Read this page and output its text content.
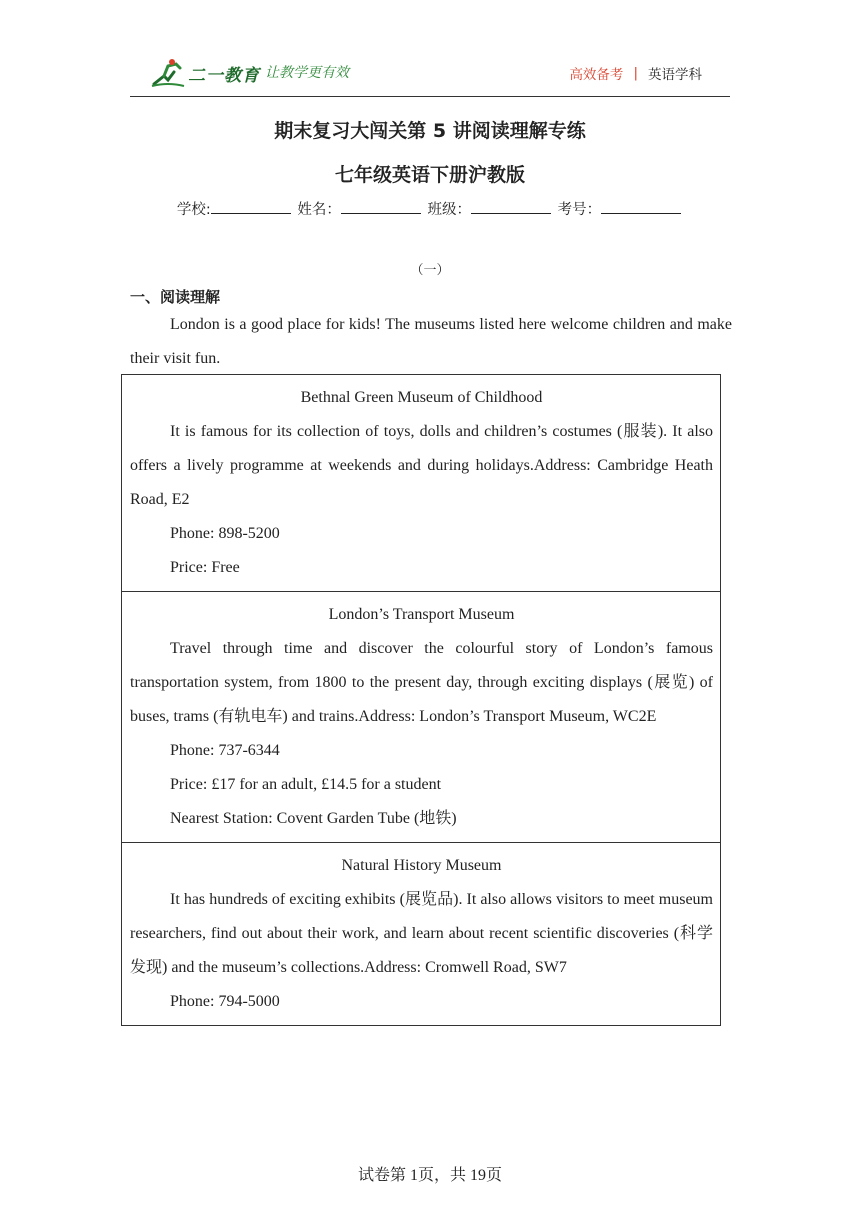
二一教育 让教学更有效	高效备考 | 英语学科
期末复习大闯关第 5 讲阅读理解专练
七年级英语下册沪教版
学校:	姓名：	班级：	考号：
（一）
一、阅读理解
London is a good place for kids! The museums listed here welcome children and make their visit fun.
Bethnal Green Museum of Childhood
It is famous for its collection of toys, dolls and children’s costumes (服装). It also offers a lively programme at weekends and during holidays.Address: Cambridge Heath Road, E2
Phone: 898-5200
Price: Free
London’s Transport Museum
Travel through time and discover the colourful story of London’s famous transportation system, from 1800 to the present day, through exciting displays (展览) of buses, trams (有轨电车) and trains.Address: London’s Transport Museum, WC2E
Phone: 737-6344
Price: £17 for an adult, £14.5 for a student
Nearest Station: Covent Garden Tube (地铁)
Natural History Museum
It has hundreds of exciting exhibits (展览品). It also allows visitors to meet museum researchers, find out about their work, and learn about recent scientific discoveries (科学发现) and the museum’s collections.Address: Cromwell Road, SW7
Phone: 794-5000
试卷第 1页，共 19页
